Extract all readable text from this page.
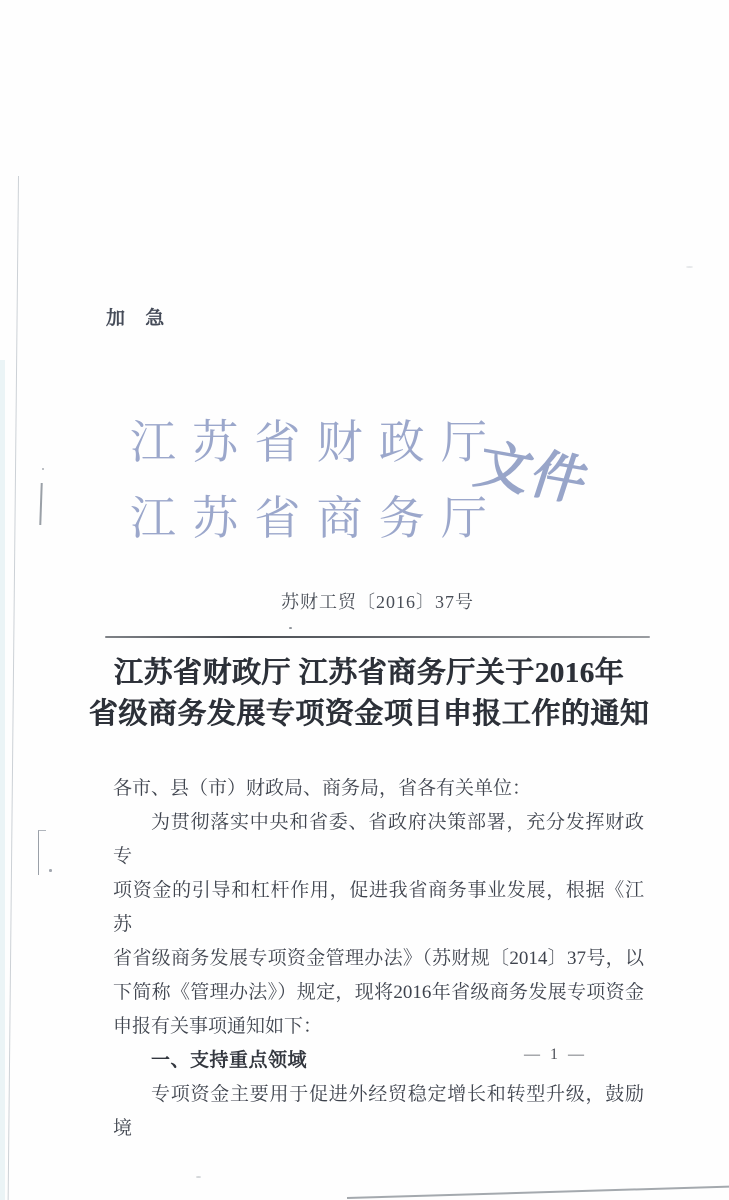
加 急
江苏省财政厅
江苏省商务厅
文件
苏财工贸〔2016〕37号
江苏省财政厅 江苏省商务厅关于2016年
省级商务发展专项资金项目申报工作的通知
各市、县（市）财政局、商务局，省各有关单位：
为贯彻落实中央和省委、省政府决策部署，充分发挥财政专
项资金的引导和杠杆作用，促进我省商务事业发展，根据《江苏
省省级商务发展专项资金管理办法》（苏财规〔2014〕37号，以
下简称《管理办法》）规定，现将2016年省级商务发展专项资金
申报有关事项通知如下：
一、支持重点领域
专项资金主要用于促进外经贸稳定增长和转型升级，鼓励境
— 1 —
